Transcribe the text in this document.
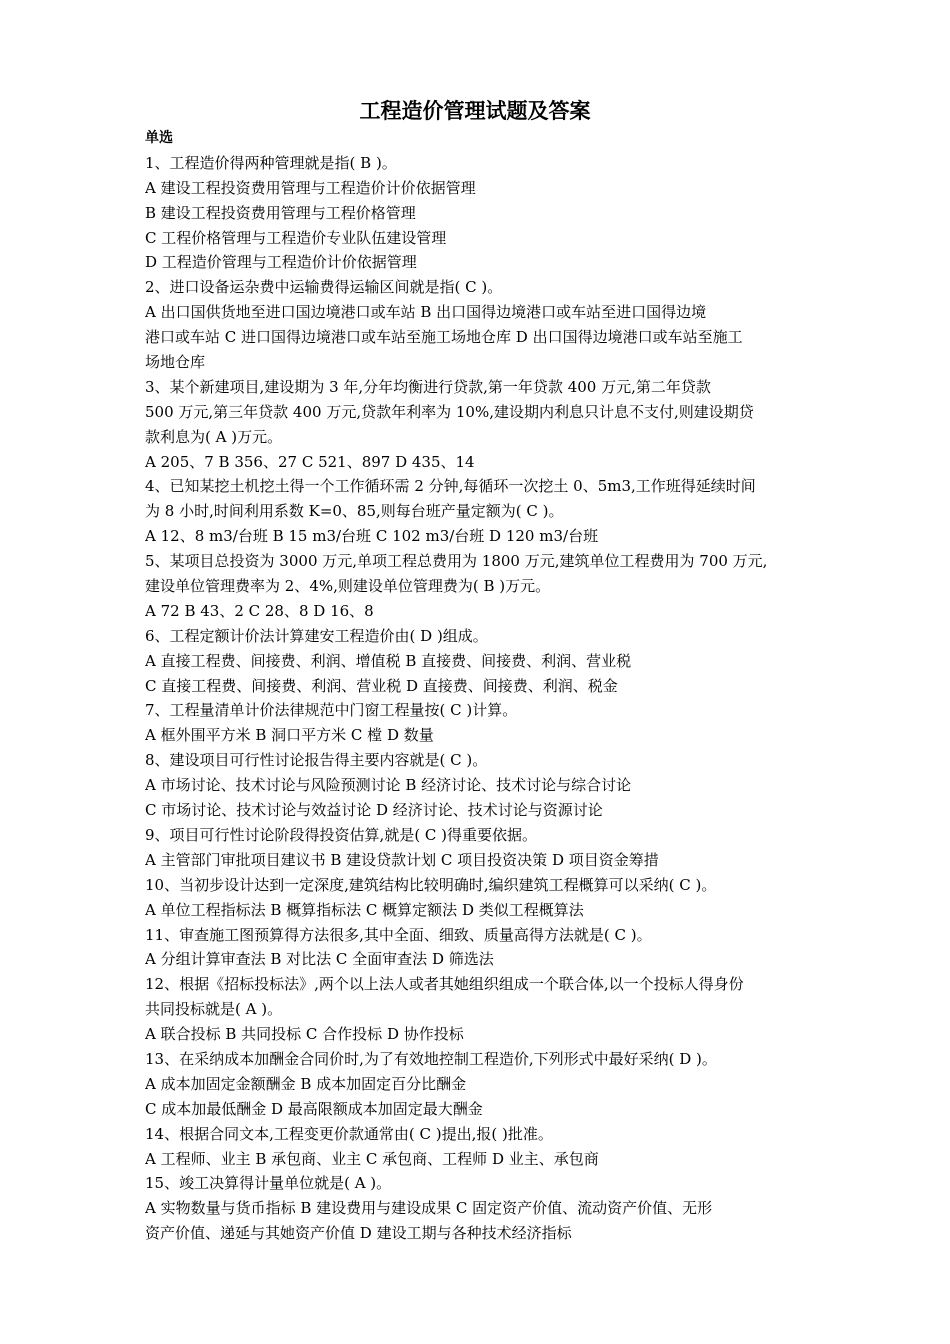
工程造价管理试题及答案
单选
1、工程造价得两种管理就是指( B )。
A 建设工程投资费用管理与工程造价计价依据管理
B 建设工程投资费用管理与工程价格管理
C 工程价格管理与工程造价专业队伍建设管理
D 工程造价管理与工程造价计价依据管理
2、进口设备运杂费中运输费得运输区间就是指( C )。
A 出口国供货地至进口国边境港口或车站 B 出口国得边境港口或车站至进口国得边境
港口或车站 C 进口国得边境港口或车站至施工场地仓库 D 出口国得边境港口或车站至施工
场地仓库
3、某个新建项目,建设期为 3 年,分年均衡进行贷款,第一年贷款 400 万元,第二年贷款
500 万元,第三年贷款 400 万元,贷款年利率为 10%,建设期内利息只计息不支付,则建设期贷
款利息为( A )万元。
A 205、7 B 356、27 C 521、897 D 435、14
4、已知某挖土机挖土得一个工作循环需 2 分钟,每循环一次挖土 0、5m3,工作班得延续时间
为 8 小时,时间利用系数 K=0、85,则每台班产量定额为( C )。
A 12、8 m3/台班 B 15 m3/台班 C 102 m3/台班 D 120 m3/台班
5、某项目总投资为 3000 万元,单项工程总费用为 1800 万元,建筑单位工程费用为 700 万元,
建设单位管理费率为 2、4%,则建设单位管理费为( B )万元。
A 72 B 43、2 C 28、8 D 16、8
6、工程定额计价法计算建安工程造价由( D )组成。
A 直接工程费、间接费、利润、增值税 B 直接费、间接费、利润、营业税
C 直接工程费、间接费、利润、营业税 D 直接费、间接费、利润、税金
7、工程量清单计价法律规范中门窗工程量按( C )计算。
A 框外围平方米 B 洞口平方米 C 樘 D 数量
8、建设项目可行性讨论报告得主要内容就是( C )。
A 市场讨论、技术讨论与风险预测讨论 B 经济讨论、技术讨论与综合讨论
C 市场讨论、技术讨论与效益讨论 D 经济讨论、技术讨论与资源讨论
9、项目可行性讨论阶段得投资估算,就是( C )得重要依据。
A 主管部门审批项目建议书 B 建设贷款计划 C 项目投资决策 D 项目资金筹措
10、当初步设计达到一定深度,建筑结构比较明确时,编织建筑工程概算可以采纳( C )。
A 单位工程指标法 B 概算指标法 C 概算定额法 D 类似工程概算法
11、审查施工图预算得方法很多,其中全面、细致、质量高得方法就是( C )。
A 分组计算审查法 B 对比法 C 全面审查法 D 筛选法
12、根据《招标投标法》,两个以上法人或者其她组织组成一个联合体,以一个投标人得身份
共同投标就是( A )。
A 联合投标 B 共同投标 C 合作投标 D 协作投标
13、在采纳成本加酬金合同价时,为了有效地控制工程造价,下列形式中最好采纳( D )。
A 成本加固定金额酬金 B 成本加固定百分比酬金
C 成本加最低酬金 D 最高限额成本加固定最大酬金
14、根据合同文本,工程变更价款通常由( C )提出,报( )批准。
A 工程师、业主 B 承包商、业主 C 承包商、工程师 D 业主、承包商
15、竣工决算得计量单位就是( A )。
A 实物数量与货币指标 B 建设费用与建设成果 C 固定资产价值、流动资产价值、无形
资产价值、递延与其她资产价值 D 建设工期与各种技术经济指标
